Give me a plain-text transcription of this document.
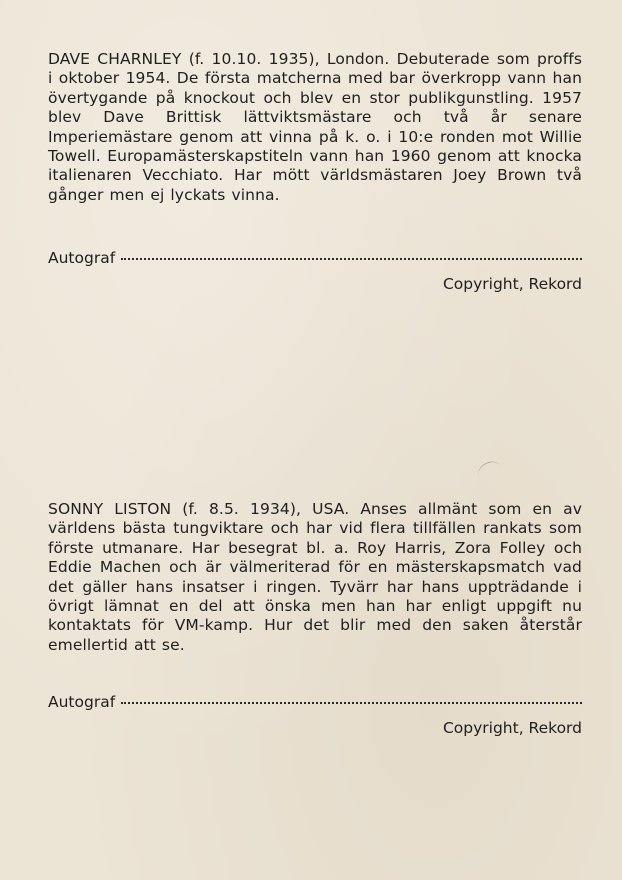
DAVE CHARNLEY (f. 10.10. 1935), London. Debuterade som proffs i oktober 1954. De första matcherna med bar överkropp vann han övertygande på knockout och blev en stor publikgunstling. 1957 blev Dave Brittisk lättviktsmästare och två år senare Imperiemästare genom att vinna på k. o. i 10:e ronden mot Willie Towell. Europamästerskapstiteln vann han 1960 genom att knocka italienaren Vecchiato. Har mött världsmästaren Joey Brown två gånger men ej lyckats vinna.

Autograf
Copyright, Rekord

SONNY LISTON (f. 8.5. 1934), USA. Anses allmänt som en av världens bästa tungviktare och har vid flera tillfällen rankats som förste utmanare. Har besegrat bl. a. Roy Harris, Zora Folley och Eddie Machen och är välmeriterad för en mästerskapsmatch vad det gäller hans insatser i ringen. Tyvärr har hans uppträdande i övrigt lämnat en del att önska men han har enligt uppgift nu kontaktats för VM-kamp. Hur det blir med den saken återstår emellertid att se.

Autograf
Copyright, Rekord
